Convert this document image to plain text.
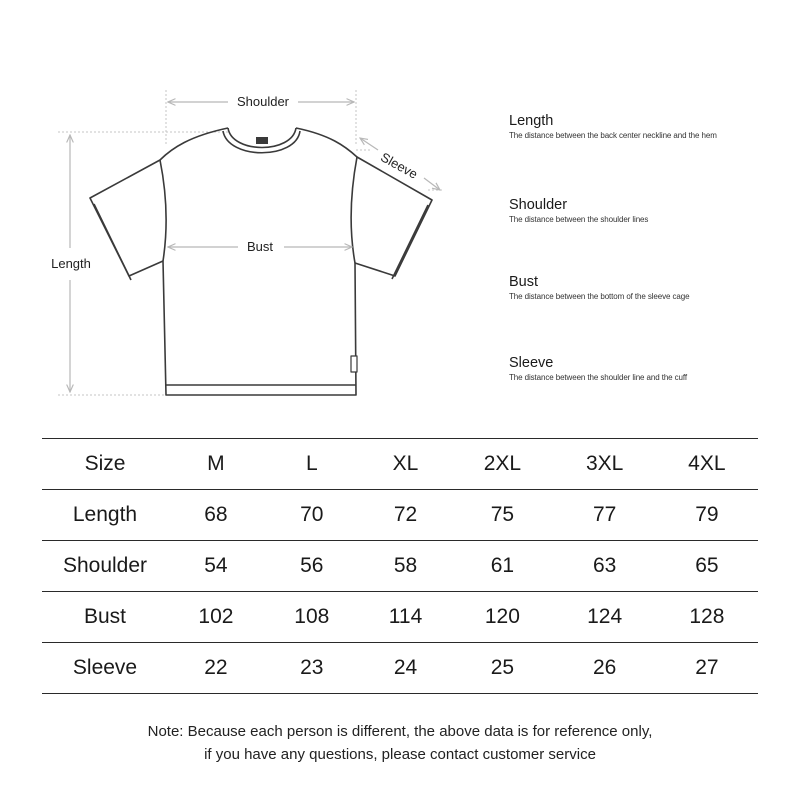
Shoulder
Bust
Length
Sleeve
Length
The distance between the back center neckline and the hem
Shoulder
The distance between the shoulder lines
Bust
The distance between the bottom of the sleeve cage
Sleeve
The distance between the shoulder line and the cuff
Size	M	L	XL	2XL	3XL	4XL
Length	68	70	72	75	77	79
Shoulder	54	56	58	61	63	65
Bust	102	108	114	120	124	128
Sleeve	22	23	24	25	26	27
Note: Because each person is different, the above data is for reference only,
if you have any questions, please contact customer service
